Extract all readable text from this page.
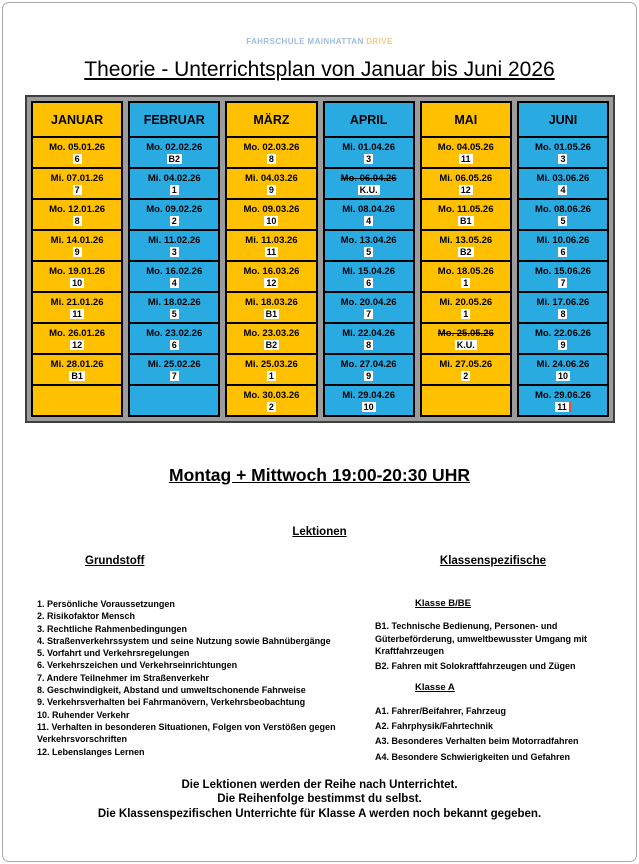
FAHRSCHULE MAINHATTAN DRIVE
Theorie - Unterrichtsplan von Januar bis Juni 2026
JANUAR
Mo. 05.01.26
6
Mi. 07.01.26
7
Mo. 12.01.26
8
Mi. 14.01.26
9
Mo. 19.01.26
10
Mi. 21.01.26
11
Mo. 26.01.26
12
Mi. 28.01.26
B1
FEBRUAR
Mo. 02.02.26
B2
Mi. 04.02.26
1
Mo. 09.02.26
2
Mi. 11.02.26
3
Mo. 16.02.26
4
Mi. 18.02.26
5
Mo. 23.02.26
6
Mi. 25.02.26
7
MÄRZ
Mo. 02.03.26
8
Mi. 04.03.26
9
Mo. 09.03.26
10
Mi. 11.03.26
11
Mo. 16.03.26
12
Mi. 18.03.26
B1
Mo. 23.03.26
B2
Mi. 25.03.26
1
Mo. 30.03.26
2
APRIL
Mi. 01.04.26
3
Mo. 06.04.26
K.U.
Mi. 08.04.26
4
Mo. 13.04.26
5
Mi. 15.04.26
6
Mo. 20.04.26
7
Mi. 22.04.26
8
Mo. 27.04.26
9
Mi. 29.04.26
10
MAI
Mo. 04.05.26
11
Mi. 06.05.26
12
Mo. 11.05.26
B1
Mi. 13.05.26
B2
Mo. 18.05.26
1
Mi. 20.05.26
1
Mo. 25.05.26
K.U.
Mi. 27.05.26
2
JUNI
Mo. 01.05.26
3
Mi. 03.06.26
4
Mo. 08.06.26
5
Mi. 10.06.26
6
Mo. 15.06.26
7
Mi. 17.06.26
8
Mo. 22.06.26
9
Mi. 24.06.26
10
Mo. 29.06.26
11
Montag + Mittwoch 19:00-20:30 UHR
Lektionen
Grundstoff	Klassenspezifische
1. Persönliche Voraussetzungen
2. Risikofaktor Mensch
3. Rechtliche Rahmenbedingungen
4. Straßenverkehrssystem und seine Nutzung sowie Bahnübergänge
5. Vorfahrt und Verkehrsregelungen
6. Verkehrszeichen und Verkehrseinrichtungen
7. Andere Teilnehmer im Straßenverkehr
8. Geschwindigkeit, Abstand und umweltschonende Fahrweise
9. Verkehrsverhalten bei Fahrmanövern, Verkehrsbeobachtung
10. Ruhender Verkehr
11. Verhalten in besonderen Situationen, Folgen von Verstößen gegen Verkehrsvorschriften
12. Lebenslanges Lernen
Klasse B/BE
B1. Technische Bedienung, Personen- und Güterbeförderung, umweltbewusster Umgang mit Kraftfahrzeugen
B2. Fahren mit Solokraftfahrzeugen und Zügen
Klasse A
A1. Fahrer/Beifahrer, Fahrzeug
A2. Fahrphysik/Fahrtechnik
A3. Besonderes Verhalten beim Motorradfahren
A4. Besondere Schwierigkeiten und Gefahren
Die Lektionen werden der Reihe nach Unterrichtet.
Die Reihenfolge bestimmst du selbst.
Die Klassenspezifischen Unterrichte für Klasse A werden noch bekannt gegeben.
